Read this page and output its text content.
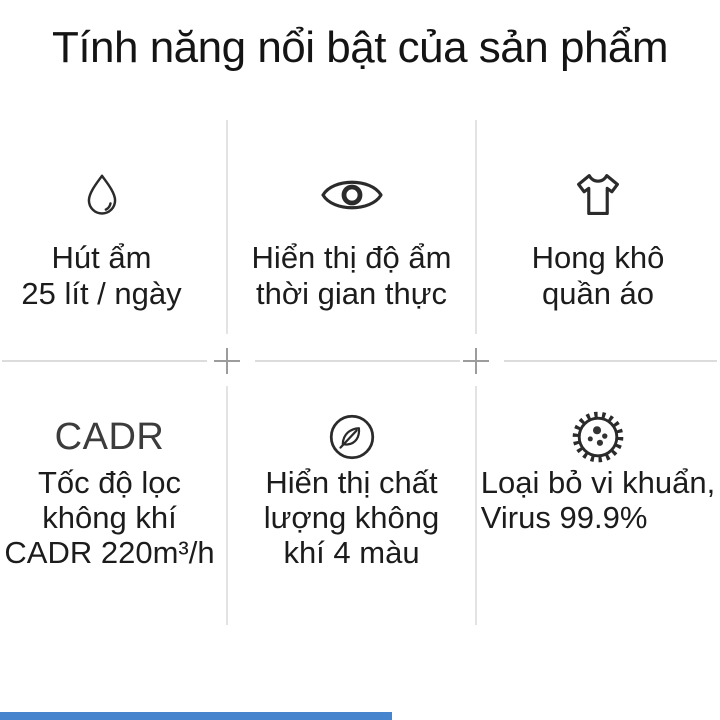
Tính năng nổi bật của sản phẩm
Hút ẩm
25 lít / ngày
Hiển thị độ ẩm
thời gian thực
Hong khô
quần áo
CADR
Tốc độ lọc
không khí
CADR 220m³/h
Hiển thị chất
lượng không
khí 4 màu
Loại bỏ vi khuẩn,
Virus 99.9%
